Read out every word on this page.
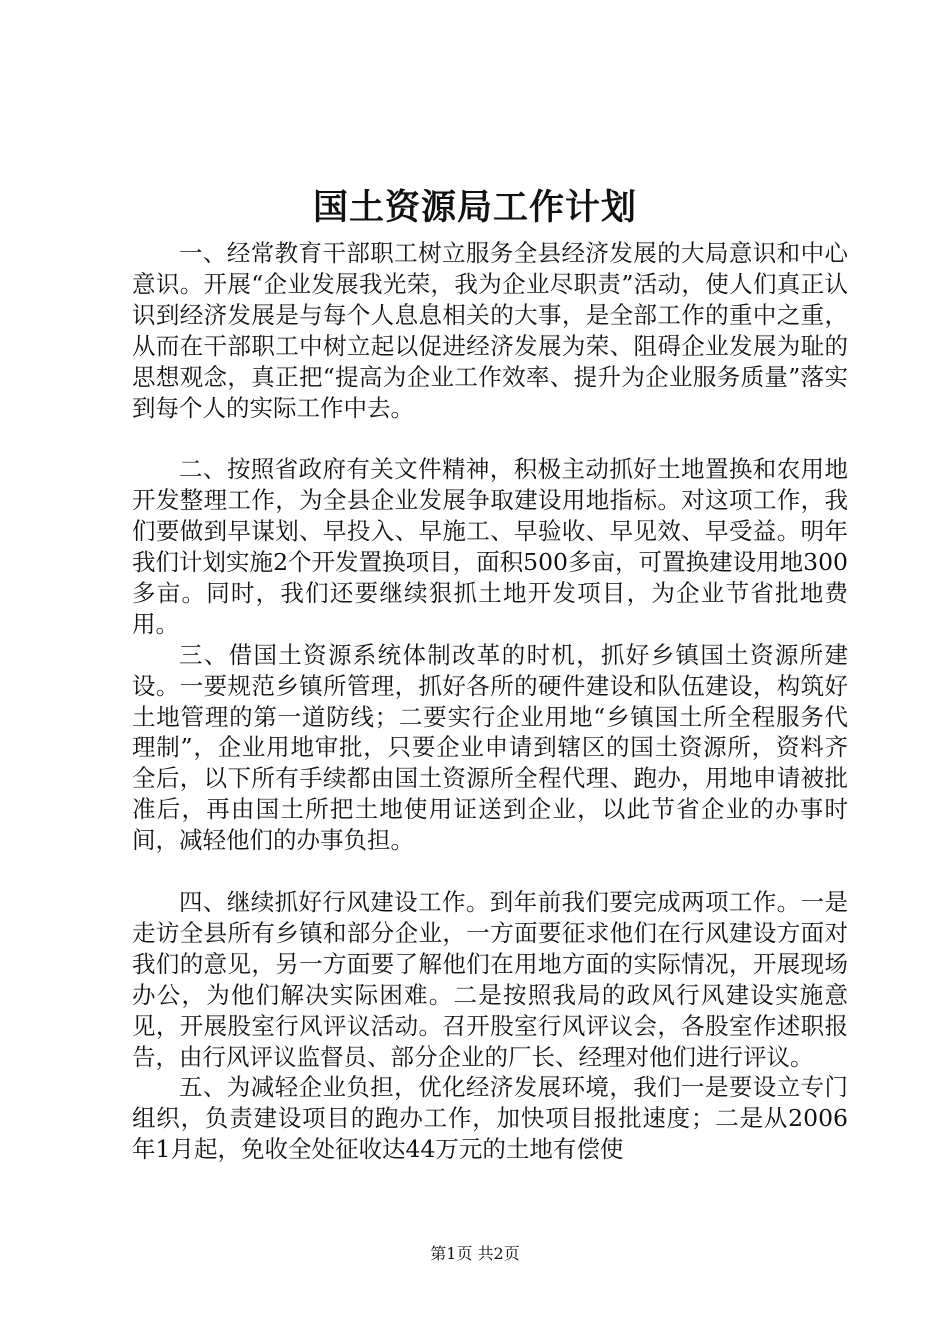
国土资源局工作计划

一、经常教育干部职工树立服务全县经济发展的大局意识和中心意识。开展“企业发展我光荣，我为企业尽职责”活动，使人们真正认识到经济发展是与每个人息息相关的大事，是全部工作的重中之重，从而在干部职工中树立起以促进经济发展为荣、阻碍企业发展为耻的思想观念，真正把“提高为企业工作效率、提升为企业服务质量”落实到每个人的实际工作中去。

二、按照省政府有关文件精神，积极主动抓好土地置换和农用地开发整理工作，为全县企业发展争取建设用地指标。对这项工作，我们要做到早谋划、早投入、早施工、早验收、早见效、早受益。明年我们计划实施2个开发置换项目，面积500多亩，可置换建设用地300多亩。同时，我们还要继续狠抓土地开发项目，为企业节省批地费用。

三、借国土资源系统体制改革的时机，抓好乡镇国土资源所建设。一要规范乡镇所管理，抓好各所的硬件建设和队伍建设，构筑好土地管理的第一道防线；二要实行企业用地“乡镇国土所全程服务代理制”，企业用地审批，只要企业申请到辖区的国土资源所，资料齐全后，以下所有手续都由国土资源所全程代理、跑办，用地申请被批准后，再由国土所把土地使用证送到企业，以此节省企业的办事时间，减轻他们的办事负担。

四、继续抓好行风建设工作。到年前我们要完成两项工作。一是走访全县所有乡镇和部分企业，一方面要征求他们在行风建设方面对我们的意见，另一方面要了解他们在用地方面的实际情况，开展现场办公，为他们解决实际困难。二是按照我局的政风行风建设实施意见，开展股室行风评议活动。召开股室行风评议会，各股室作述职报告，由行风评议监督员、部分企业的厂长、经理对他们进行评议。

五、为减轻企业负担，优化经济发展环境，我们一是要设立专门组织，负责建设项目的跑办工作，加快项目报批速度；二是从2006年1月起，免收全处征收达44万元的土地有偿使

第1页 共2页
